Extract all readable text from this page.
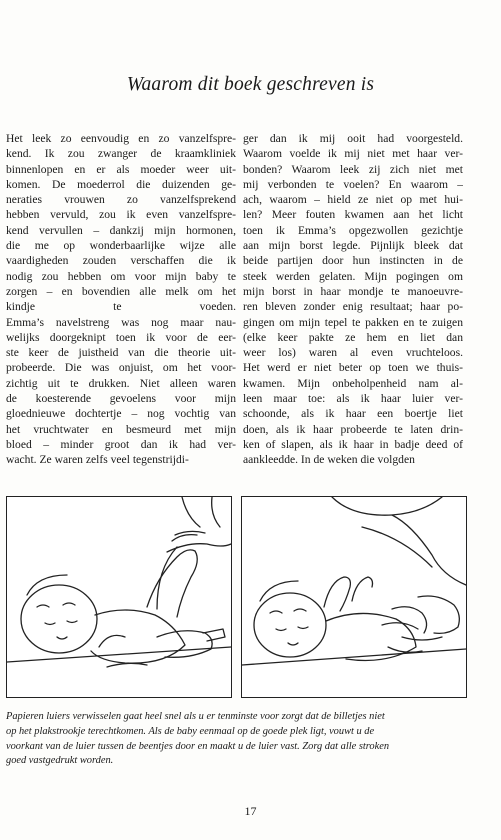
Waarom dit boek geschreven is
Het leek zo eenvoudig en zo vanzelfspre-
kend. Ik zou zwanger de kraamkliniek
binnenlopen en er als moeder weer uit-
komen. De moederrol die duizenden ge-
neraties vrouwen zo vanzelfsprekend
hebben vervuld, zou ik even vanzelfspre-
kend vervullen – dankzij mijn hormonen,
die me op wonderbaarlijke wijze alle
vaardigheden zouden verschaffen die ik
nodig zou hebben om voor mijn baby te
zorgen – en bovendien alle melk om het
kindje te voeden.
Emma’s navelstreng was nog maar nau-
welijks doorgeknipt toen ik voor de eer-
ste keer de juistheid van die theorie uit-
probeerde. Die was onjuist, om het voor-
zichtig uit te drukken. Niet alleen waren
de koesterende gevoelens voor mijn
gloednieuwe dochtertje – nog vochtig van
het vruchtwater en besmeurd met mijn
bloed – minder groot dan ik had ver-
wacht. Ze waren zelfs veel tegenstrijdi-
ger dan ik mij ooit had voorgesteld.
Waarom voelde ik mij niet met haar ver-
bonden? Waarom leek zij zich niet met
mij verbonden te voelen? En waarom –
ach, waarom – hield ze niet op met hui-
len? Meer fouten kwamen aan het licht
toen ik Emma’s opgezwollen gezichtje
aan mijn borst legde. Pijnlijk bleek dat
beide partijen door hun instincten in de
steek werden gelaten. Mijn pogingen om
mijn borst in haar mondje te manoeuvre-
ren bleven zonder enig resultaat; haar po-
gingen om mijn tepel te pakken en te zuigen
(elke keer pakte ze hem en liet dan
weer los) waren al even vruchteloos.
Het werd er niet beter op toen we thuis-
kwamen. Mijn onbeholpenheid nam al-
leen maar toe: als ik haar luier ver-
schoonde, als ik haar een boertje liet
doen, als ik haar probeerde te laten drin-
ken of slapen, als ik haar in badje deed of
aankleedde. In de weken die volgden
Papieren luiers verwisselen gaat heel snel als u er tenminste voor zorgt dat de billetjes niet
op het plakstrookje terechtkomen. Als de baby eenmaal op de goede plek ligt, vouwt u de
voorkant van de luier tussen de beentjes door en maakt u de luier vast. Zorg dat alle stroken
goed vastgedrukt worden.
17
